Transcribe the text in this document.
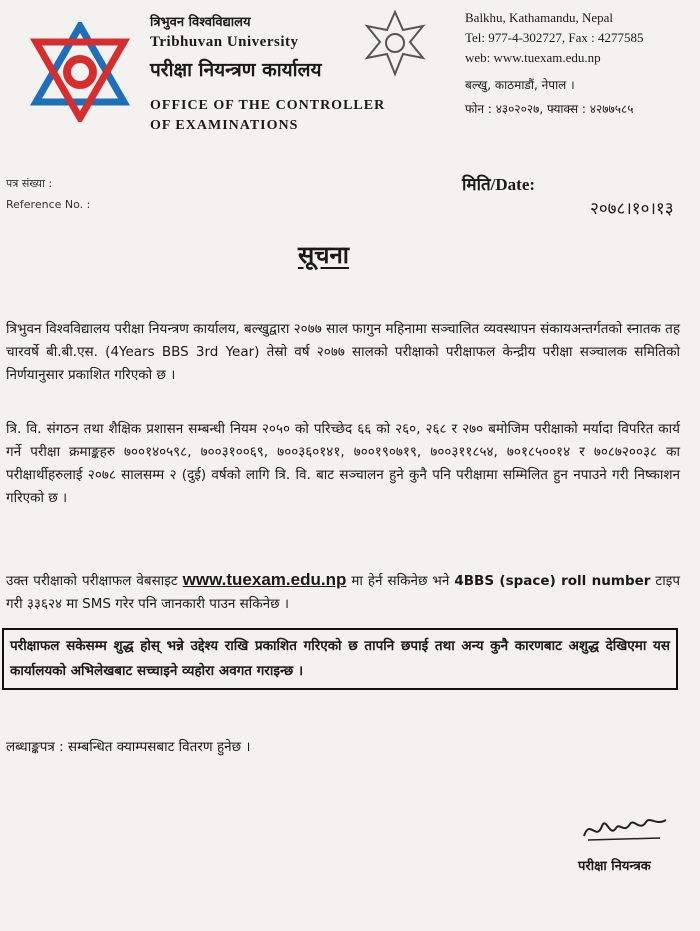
त्रिभुवन विश्वविद्यालय
Tribhuvan University
परीक्षा नियन्त्रण कार्यालय
OFFICE OF THE CONTROLLER
OF EXAMINATIONS
Balkhu, Kathamandu, Nepal
Tel: 977-4-302727, Fax : 4277585
web: www.tuexam.edu.np
बल्खु, काठमाडौं, नेपाल ।
फोन : ४३०२०२७, फ्याक्स : ४२७७५८५
पत्र संख्या :
Reference No. :
मिति/Date:
२०७८।१०।१३
सूचना
त्रिभुवन विश्वविद्यालय परीक्षा नियन्त्रण कार्यालय, बल्खुद्वारा २०७७ साल फागुन महिनामा सञ्चालित व्यवस्थापन संकायअन्तर्गतको स्नातक तह चारवर्षे बी.बी.एस. (4Years BBS 3rd Year) तेस्रो वर्ष २०७७ सालको परीक्षाको परीक्षाफल केन्द्रीय परीक्षा सञ्चालक समितिको निर्णयानुसार प्रकाशित गरिएको छ ।
त्रि. वि. संगठन तथा शैक्षिक प्रशासन सम्बन्धी नियम २०५० को परिच्छेद ६६ को २६०, २६८ र २७० बमोजिम परीक्षाको मर्यादा विपरित कार्य गर्ने परीक्षा क्रमाङ्कहरु ७००१४०५९८, ७००३१००६९, ७००३६०१४१, ७००१९०७१९, ७००३११८५४, ७०१८५००१४ र ७०८७२००३८ का परीक्षार्थीहरुलाई २०७८ सालसम्म २ (दुई) वर्षको लागि त्रि. वि. बाट सञ्चालन हुने कुनै पनि परीक्षामा सम्मिलित हुन नपाउने गरी निष्काशन गरिएको छ ।
उक्त परीक्षाको परीक्षाफल वेबसाइट www.tuexam.edu.np मा हेर्न सकिनेछ भने 4BBS (space) roll number टाइप गरी ३३६२४ मा SMS गरेर पनि जानकारी पाउन सकिनेछ ।
परीक्षाफल सकेसम्म शुद्ध होस् भन्ने उद्देश्य राखि प्रकाशित गरिएको छ तापनि छपाई तथा अन्य कुनै कारणबाट अशुद्ध देखिएमा यस कार्यालयको अभिलेखबाट सच्चाइने व्यहोरा अवगत गराइन्छ ।
लब्धाङ्कपत्र : सम्बन्धित क्याम्पसबाट वितरण हुनेछ ।
परीक्षा नियन्त्रक
